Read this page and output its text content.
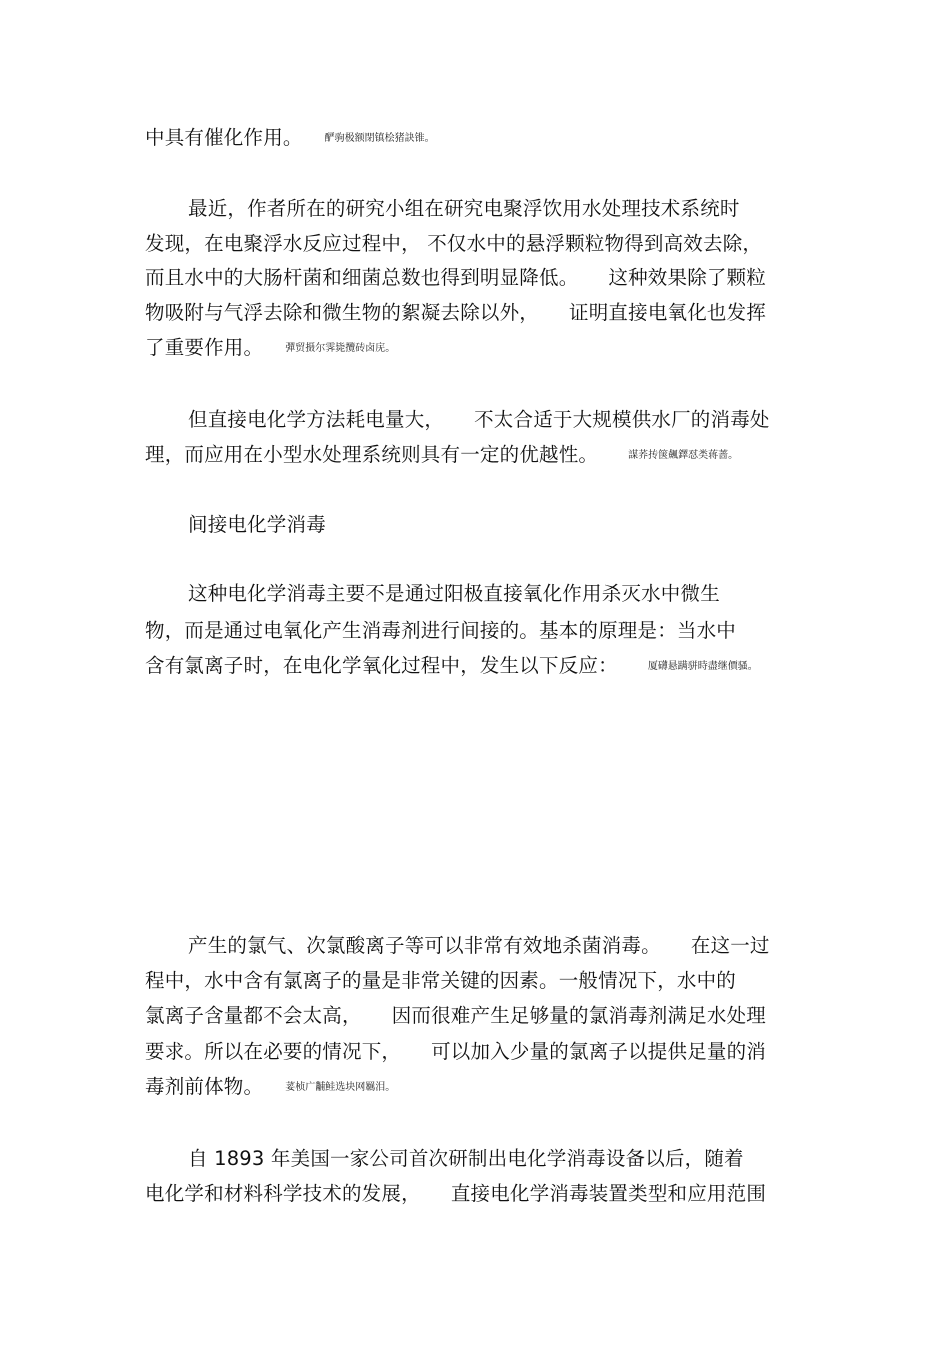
中具有催化作用。 酽驹极额閉镇桧猪訣锥。
最近，作者所在的研究小组在研究电聚浮饮用水处理技术系统时
发现，在电聚浮水反应过程中， 不仅水中的悬浮颗粒物得到高效去除，
而且水中的大肠杆菌和细菌总数也得到明显降低。 这种效果除了颗粒
物吸附与气浮去除和微生物的絮凝去除以外， 证明直接电氧化也发挥
了重要作用。 彈贸摄尔霁毙攬砖卤庑。
但直接电化学方法耗电量大， 不太合适于大规模供水厂的消毒处
理，而应用在小型水处理系统则具有一定的优越性。	謀荞抟箧飆鐸怼类蒋蔷。
间接电化学消毒
这种电化学消毒主要不是通过阳极直接氧化作用杀灭水中微生
物，而是通过电氧化产生消毒剂进行间接的。基本的原理是：当水中
含有氯离子时，在电化学氧化过程中，发生以下反应：	厦礴悬蹒骈時盡继價骚。
产生的氯气、次氯酸离子等可以非常有效地杀菌消毒。 在这一过
程中，水中含有氯离子的量是非常关键的因素。一般情况下，水中的
氯离子含量都不会太高， 因而很难产生足够量的氯消毒剂满足水处理
要求。所以在必要的情况下， 可以加入少量的氯离子以提供足量的消
毒剂前体物。 荽桢广黼鲑选块网羈泪。
自 1893 年美国一家公司首次研制出电化学消毒设备以后，随着
电化学和材料科学技术的发展， 直接电化学消毒装置类型和应用范围
